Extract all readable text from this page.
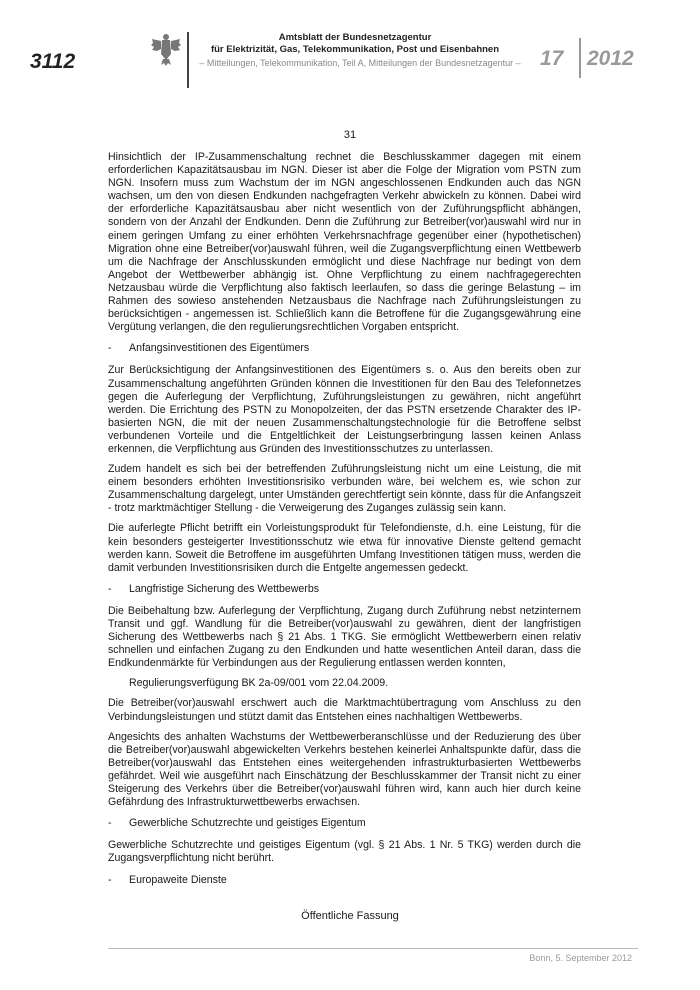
3112
Amtsblatt der Bundesnetzagentur
für Elektrizität, Gas, Telekommunikation, Post und Eisenbahnen
– Mitteilungen, Telekommunikation, Teil A, Mitteilungen der Bundesnetzagentur – 17 2012
31

Hinsichtlich der IP-Zusammenschaltung rechnet die Beschlusskammer dagegen mit einem erforderlichen Kapazitätsausbau im NGN. Dieser ist aber die Folge der Migration vom PSTN zum NGN. Insofern muss zum Wachstum der im NGN angeschlossenen Endkunden auch das NGN wachsen, um den von diesen Endkunden nachgefragten Verkehr abwickeln zu können. Dabei wird der erforderliche Kapazitätsausbau aber nicht wesentlich von der Zuführungspflicht abhängen, sondern von der Anzahl der Endkunden. Denn die Zuführung zur Betreiber(vor)auswahl wird nur in einem geringen Umfang zu einer erhöhten Verkehrsnachfrage gegenüber einer (hypothetischen) Migration ohne eine Betreiber(vor)auswahl führen, weil die Zugangsverpflichtung einen Wettbewerb um die Nachfrage der Anschlusskunden ermöglicht und diese Nachfrage nur bedingt von dem Angebot der Wettbewerber abhängig ist. Ohne Verpflichtung zu einem nachfragegerechten Netzausbau würde die Verpflichtung also faktisch leerlaufen, so dass die geringe Belastung – im Rahmen des sowieso anstehenden Netzausbaus die Nachfrage nach Zuführungsleistungen zu berücksichtigen - angemessen ist. Schließlich kann die Betroffene für die Zugangsgewährung eine Vergütung verlangen, die den regulierungsrechtlichen Vorgaben entspricht.

- Anfangsinvestitionen des Eigentümers

Zur Berücksichtigung der Anfangsinvestitionen des Eigentümers s. o. Aus den bereits oben zur Zusammenschaltung angeführten Gründen können die Investitionen für den Bau des Telefonnetzes gegen die Auferlegung der Verpflichtung, Zuführungsleistungen zu gewähren, nicht angeführt werden. Die Errichtung des PSTN zu Monopolzeiten, der das PSTN ersetzende Charakter des IP-basierten NGN, die mit der neuen Zusammenschaltungstechnologie für die Betroffene selbst verbundenen Vorteile und die Entgeltlichkeit der Leistungserbringung lassen keinen Anlass erkennen, die Verpflichtung aus Gründen des Investitionsschutzes zu unterlassen.

Zudem handelt es sich bei der betreffenden Zuführungsleistung nicht um eine Leistung, die mit einem besonders erhöhten Investitionsrisiko verbunden wäre, bei welchem es, wie schon zur Zusammenschaltung dargelegt, unter Umständen gerechtfertigt sein könnte, dass für die Anfangszeit - trotz marktmächtiger Stellung - die Verweigerung des Zuganges zulässig sein kann.

Die auferlegte Pflicht betrifft ein Vorleistungsprodukt für Telefondienste, d.h. eine Leistung, für die kein besonders gesteigerter Investitionsschutz wie etwa für innovative Dienste geltend gemacht werden kann. Soweit die Betroffene im ausgeführten Umfang Investitionen tätigen muss, werden die damit verbunden Investitionsrisiken durch die Entgelte angemessen gedeckt.

- Langfristige Sicherung des Wettbewerbs

Die Beibehaltung bzw. Auferlegung der Verpflichtung, Zugang durch Zuführung nebst netzinternem Transit und ggf. Wandlung für die Betreiber(vor)auswahl zu gewähren, dient der langfristigen Sicherung des Wettbewerbs nach § 21 Abs. 1 TKG. Sie ermöglicht Wettbewerbern einen relativ schnellen und einfachen Zugang zu den Endkunden und hatte wesentlichen Anteil daran, dass die Endkundenmärkte für Verbindungen aus der Regulierung entlassen werden konnten,

Regulierungsverfügung BK 2a-09/001 vom 22.04.2009.

Die Betreiber(vor)auswahl erschwert auch die Marktmachtübertragung vom Anschluss zu den Verbindungsleistungen und stützt damit das Entstehen eines nachhaltigen Wettbewerbs.

Angesichts des anhalten Wachstums der Wettbewerberanschlüsse und der Reduzierung des über die Betreiber(vor)auswahl abgewickelten Verkehrs bestehen keinerlei Anhaltspunkte dafür, dass die Betreiber(vor)auswahl das Entstehen eines weitergehenden infrastrukturbasierten Wettbewerbs gefährdet. Weil wie ausgeführt nach Einschätzung der Beschlusskammer der Transit nicht zu einer Steigerung des Verkehrs über die Betreiber(vor)auswahl führen wird, kann auch hier durch keine Gefährdung des Infrastrukturwettbewerbs erwachsen.

- Gewerbliche Schutzrechte und geistiges Eigentum

Gewerbliche Schutzrechte und geistiges Eigentum (vgl. § 21 Abs. 1 Nr. 5 TKG) werden durch die Zugangsverpflichtung nicht berührt.

- Europaweite Dienste
Öffentliche Fassung
Bonn, 5. September 2012
